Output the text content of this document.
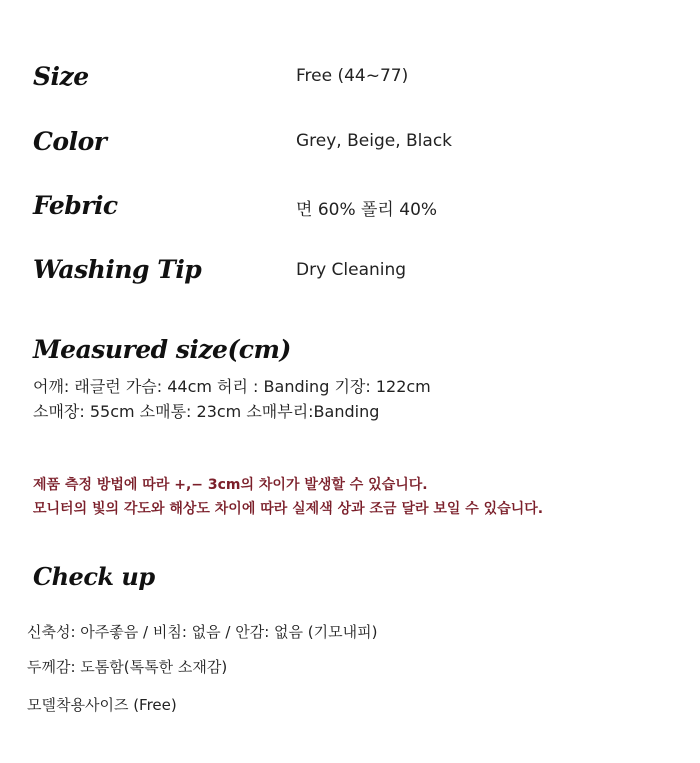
Size	Free (44~77)
Color	Grey, Beige, Black
Febric	면 60% 폴리 40%
Washing Tip	Dry Cleaning
Measured size(cm)
어깨: 래글런 가슴: 44cm 허리 : Banding 기장: 122cm
소매장: 55cm 소매통: 23cm 소매부리:Banding
제품 측정 방법에 따라 +,− 3cm의 차이가 발생할 수 있습니다.
모니터의 빛의 각도와 해상도 차이에 따라 실제색 상과 조금 달라 보일 수 있습니다.
Check up
신축성: 아주좋음 / 비침: 없음 / 안감: 없음 (기모내피)
두께감: 도톰함(톡톡한 소재감)
모델착용사이즈 (Free)
